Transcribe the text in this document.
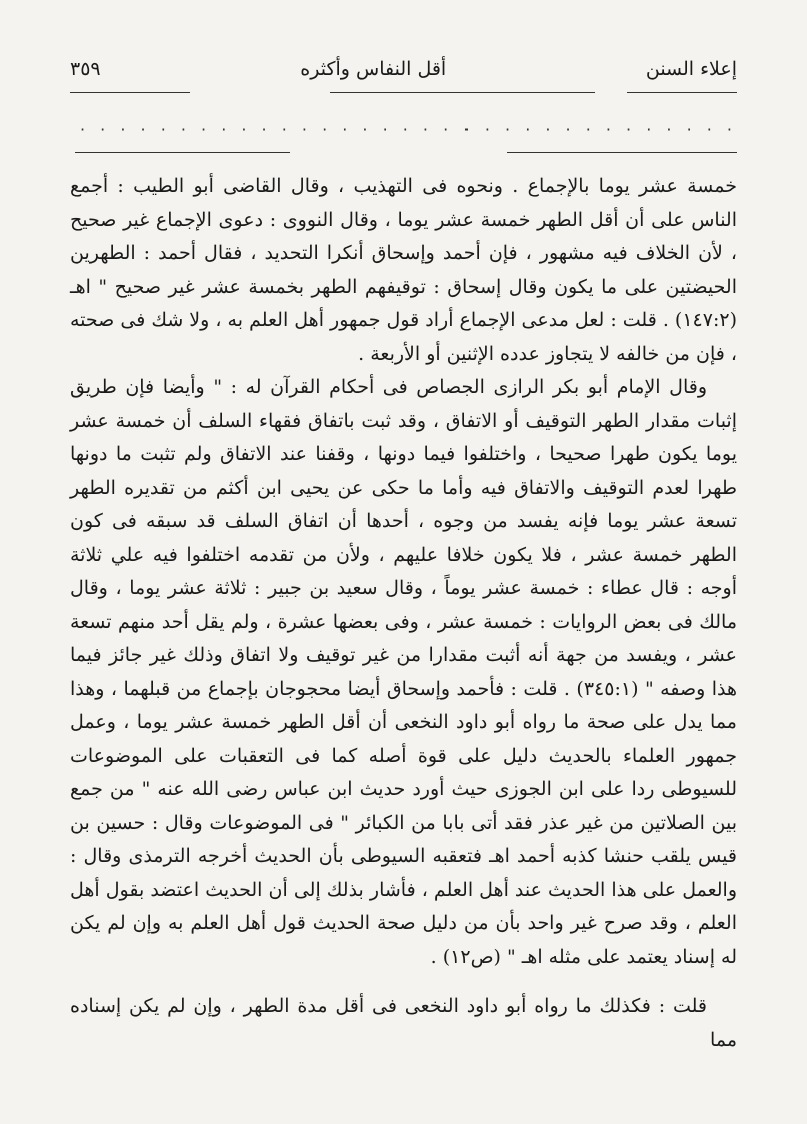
إعلاء السنن
أقل النفاس وأكثره
٣٥٩
· · · · · · · · · · · · · ·
· · · · · · · · · · · · · · · · · · · ·

خمسة عشر يوما بالإجماع . ونحوه فى التهذيب ، وقال القاضى أبو الطيب : أجمع الناس على أن أقل الطهر خمسة عشر يوما ، وقال النووى : دعوى الإجماع غير صحيح ، لأن الخلاف فيه مشهور ، فإن أحمد وإسحاق أنكرا التحديد ، فقال أحمد : الطهرين الحيضتين على ما يكون وقال إسحاق : توقيفهم الطهر بخمسة عشر غير صحيح " اهـ (١٤٧:٢) . قلت : لعل مدعى الإجماع أراد قول جمهور أهل العلم به ، ولا شك فى صحته ، فإن من خالفه لا يتجاوز عدده الإثنين أو الأربعة .

وقال الإمام أبو بكر الرازى الجصاص فى أحكام القرآن له : " وأيضا فإن طريق إثبات مقدار الطهر التوقيف أو الاتفاق ، وقد ثبت باتفاق فقهاء السلف أن خمسة عشر يوما يكون طهرا صحيحا ، واختلفوا فيما دونها ، وقفنا عند الاتفاق ولم تثبت ما دونها طهرا لعدم التوقيف والاتفاق فيه وأما ما حكى عن يحيى ابن أكثم من تقديره الطهر تسعة عشر يوما فإنه يفسد من وجوه ، أحدها أن اتفاق السلف قد سبقه فى كون الطهر خمسة عشر ، فلا يكون خلافا عليهم ، ولأن من تقدمه اختلفوا فيه علي ثلاثة أوجه : قال عطاء : خمسة عشر يوماً ، وقال سعيد بن جبير : ثلاثة عشر يوما ، وقال مالك فى بعض الروايات : خمسة عشر ، وفى بعضها عشرة ، ولم يقل أحد منهم تسعة عشر ، ويفسد من جهة أنه أثبت مقدارا من غير توقيف ولا اتفاق وذلك غير جائز فيما هذا وصفه " (٣٤٥:١) . قلت : فأحمد وإسحاق أيضا محجوجان بإجماع من قبلهما ، وهذا مما يدل على صحة ما رواه أبو داود النخعى أن أقل الطهر خمسة عشر يوما ، وعمل جمهور العلماء بالحديث دليل على قوة أصله كما فى التعقبات على الموضوعات للسيوطى ردا على ابن الجوزى حيث أورد حديث ابن عباس رضى الله عنه " من جمع بين الصلاتين من غير عذر فقد أتى بابا من الكبائر " فى الموضوعات وقال : حسين بن قيس يلقب حنشا كذبه أحمد اهـ فتعقبه السيوطى بأن الحديث أخرجه الترمذى وقال : والعمل على هذا الحديث عند أهل العلم ، فأشار بذلك إلى أن الحديث اعتضد بقول أهل العلم ، وقد صرح غير واحد بأن من دليل صحة الحديث قول أهل العلم به وإن لم يكن له إسناد يعتمد على مثله اهـ " (ص١٢) .

قلت : فكذلك ما رواه أبو داود النخعى فى أقل مدة الطهر ، وإن لم يكن إسناده مما
